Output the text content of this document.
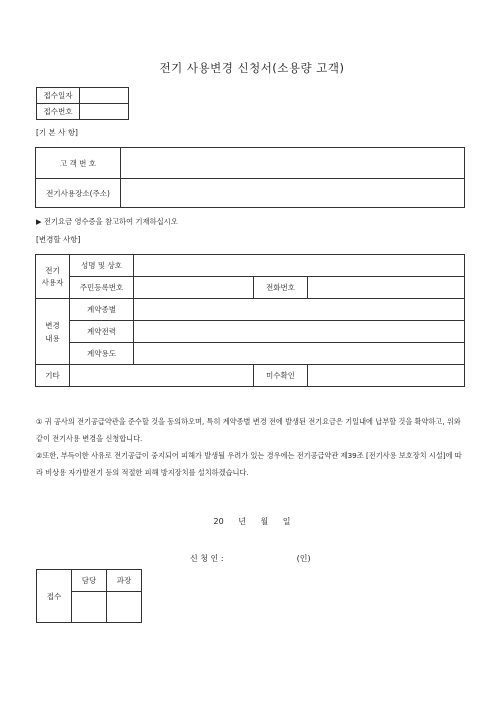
전기 사용변경 신청서(소용량 고객)
접수일자	
접수번호	
[기 본 사 항]
고 객 번 호	
전기사용장소(주소)	
▶ 전기요금 영수증을 참고하여 기재하십시오
[변경할 사항]
전기 사용자	성명 및 상호			
	주민등록번호		전화번호	
변경 내용	계약종별			
	계약전력			
	계약용도			
기타			미수확인	
① 귀 공사의 전기공급약관을 준수할 것을 동의하오며, 특히 계약종별 변경 전에 발생된 전기요금은 기일내에 납부할 것을 확약하고, 위와 같이 전기사용 변경을 신청합니다.
②또한, 부득이한 사유로 전기공급이 중지되어 피해가 발생될 우려가 있는 경우에는 전기공급약관 제39조 [전기사용 보호장치 시설]에 따라 비상용 자가발전기 등의 적절한 피해 방지장치를 설치하겠습니다.
20 년 월 일
신 청 인 :	(인)
접수	담당	과장
